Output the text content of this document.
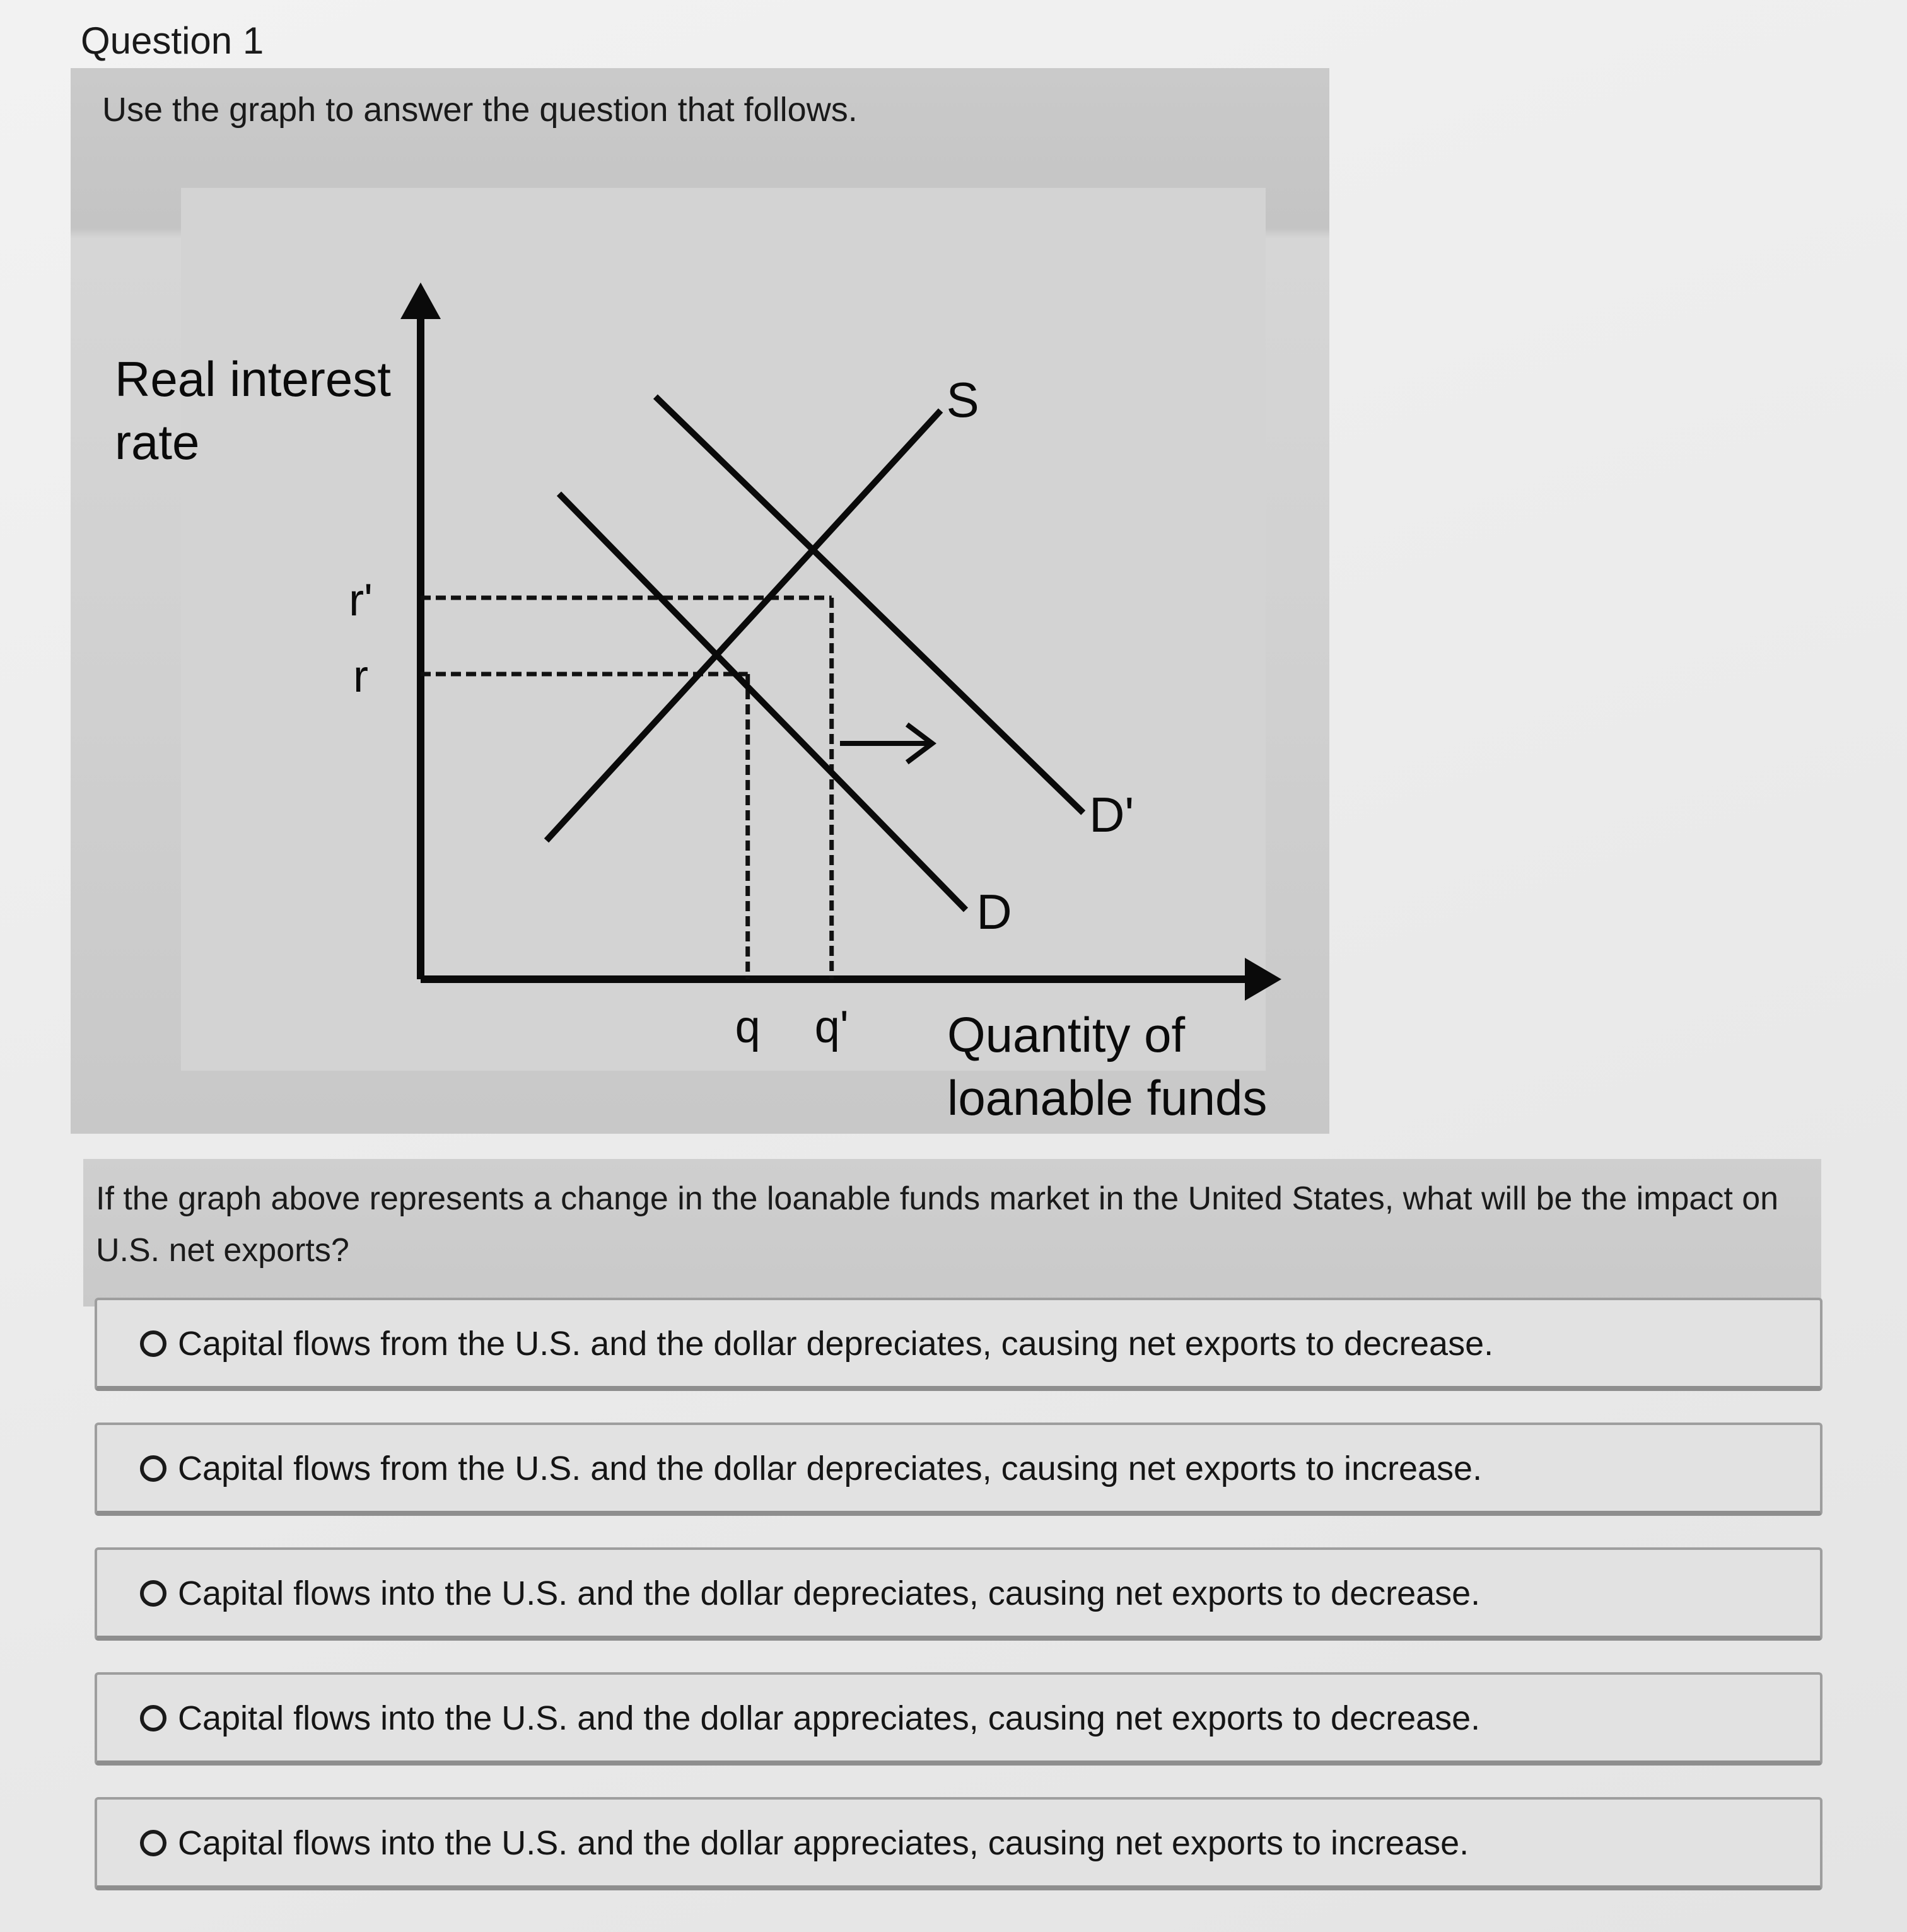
Question 1
Use the graph to answer the question that follows.
Real interest
rate
Quantity of
loanable funds
r
q
r'
q'
S
D
D'
If the graph above represents a change in the loanable funds market in the United States, what will be the impact on U.S. net exports?
Capital flows from the U.S. and the dollar depreciates, causing net exports to decrease.
Capital flows from the U.S. and the dollar depreciates, causing net exports to increase.
Capital flows into the U.S. and the dollar depreciates, causing net exports to decrease.
Capital flows into the U.S. and the dollar appreciates, causing net exports to decrease.
Capital flows into the U.S. and the dollar appreciates, causing net exports to increase.
